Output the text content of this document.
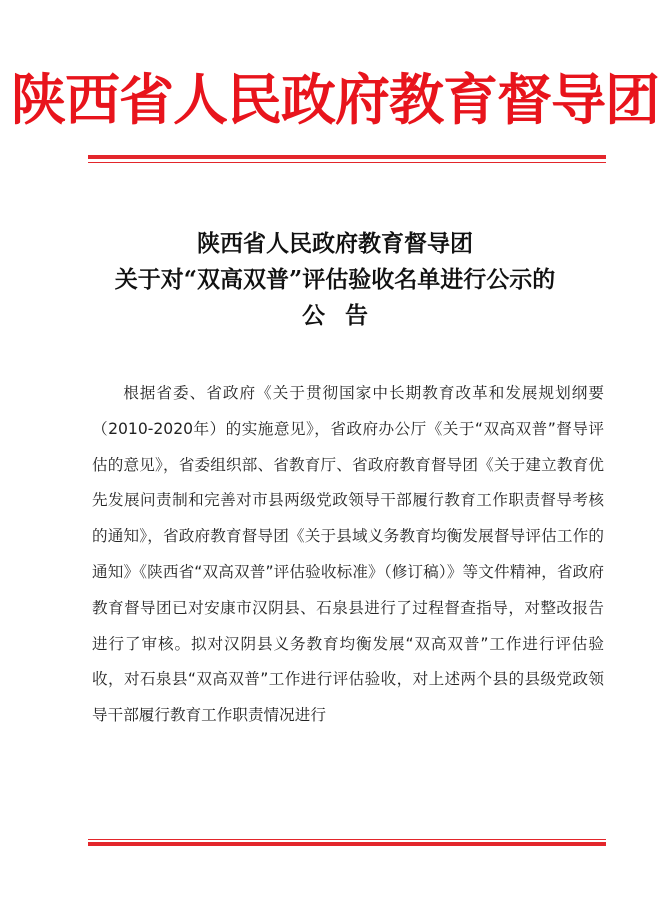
陕西省人民政府教育督导团
陕西省人民政府教育督导团
关于对“双高双普”评估验收名单进行公示的
公告

根据省委、省政府《关于贯彻国家中长期教育改革和发展规划纲要（2010-2020年）的实施意见》，省政府办公厅《关于“双高双普”督导评估的意见》，省委组织部、省教育厅、省政府教育督导团《关于建立教育优先发展问责制和完善对市县两级党政领导干部履行教育工作职责督导考核的通知》，省政府教育督导团《关于县域义务教育均衡发展督导评估工作的通知》《陕西省“双高双普”评估验收标准》（修订稿）》等文件精神，省政府教育督导团已对安康市汉阴县、石泉县进行了过程督查指导，对整改报告进行了审核。拟对汉阴县义务教育均衡发展“双高双普”工作进行评估验收，对石泉县“双高双普”工作进行评估验收，对上述两个县的县级党政领导干部履行教育工作职责情况进行
